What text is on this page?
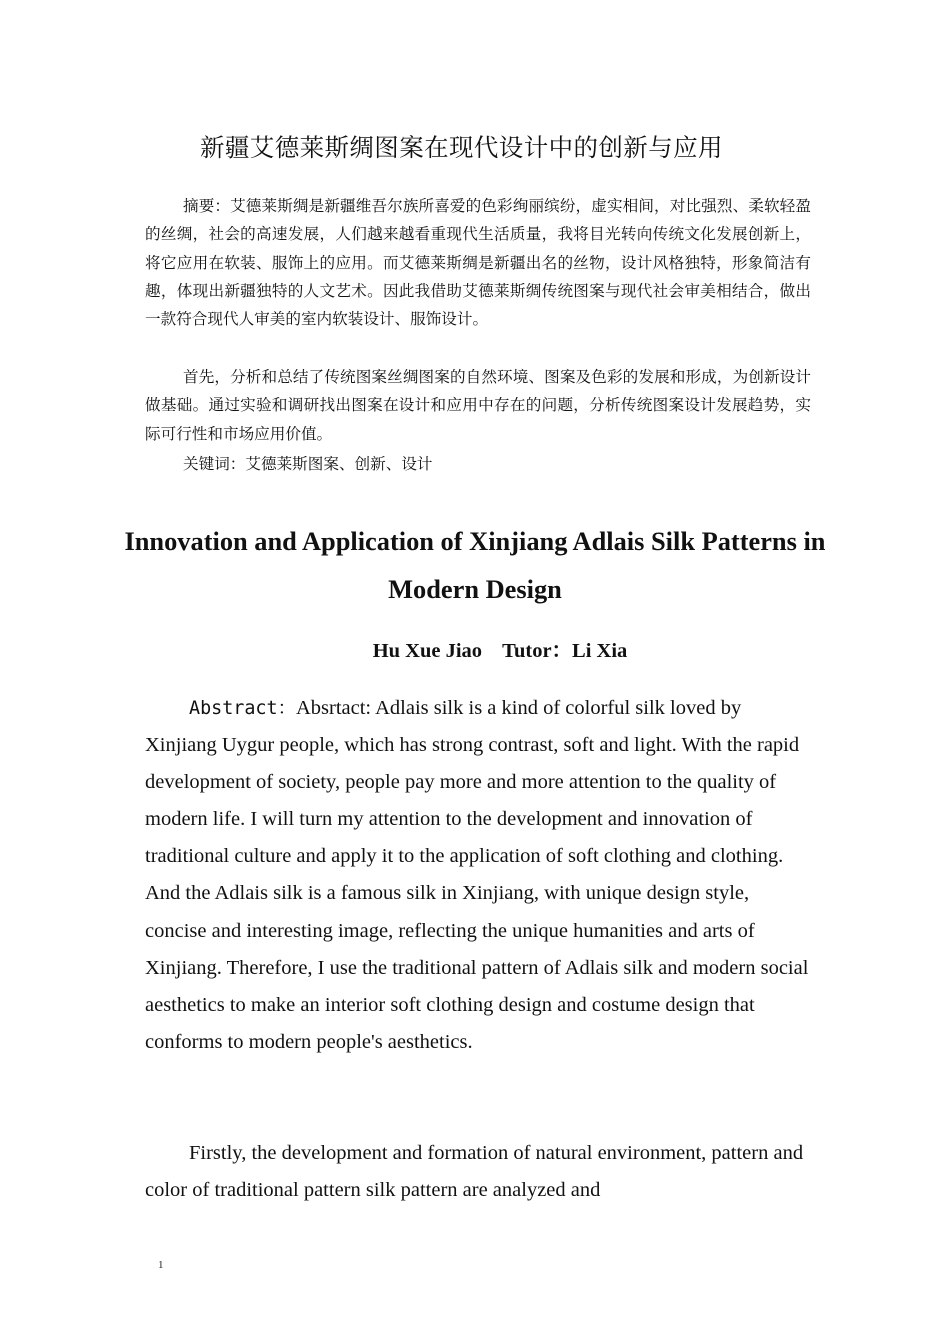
新疆艾德莱斯绸图案在现代设计中的创新与应用
摘要：艾德莱斯绸是新疆维吾尔族所喜爱的色彩绚丽缤纷，虚实相间，对比强烈、柔软轻盈的丝绸，社会的高速发展，人们越来越看重现代生活质量，我将目光转向传统文化发展创新上，将它应用在软装、服饰上的应用。而艾德莱斯绸是新疆出名的丝物，设计风格独特，形象简洁有趣，体现出新疆独特的人文艺术。因此我借助艾德莱斯绸传统图案与现代社会审美相结合，做出一款符合现代人审美的室内软装设计、服饰设计。
首先，分析和总结了传统图案丝绸图案的自然环境、图案及色彩的发展和形成，为创新设计做基础。通过实验和调研找出图案在设计和应用中存在的问题，分析传统图案设计发展趋势，实际可行性和市场应用价值。
关键词：艾德莱斯图案、创新、设计
Innovation and Application of Xinjiang Adlais Silk Patterns in Modern Design
Hu Xue Jiao    Tutor：Li Xia
Abstract：Absrtact: Adlais silk is a kind of colorful silk loved by Xinjiang Uygur people, which has strong contrast, soft and light. With the rapid development of society, people pay more and more attention to the quality of modern life. I will turn my attention to the development and innovation of traditional culture and apply it to the application of soft clothing and clothing. And the Adlais silk is a famous silk in Xinjiang, with unique design style, concise and interesting image, reflecting the unique humanities and arts of Xinjiang. Therefore, I use the traditional pattern of Adlais silk and modern social aesthetics to make an interior soft clothing design and costume design that conforms to modern people's aesthetics.
Firstly, the development and formation of natural environment, pattern and color of traditional pattern silk pattern are analyzed and
1
